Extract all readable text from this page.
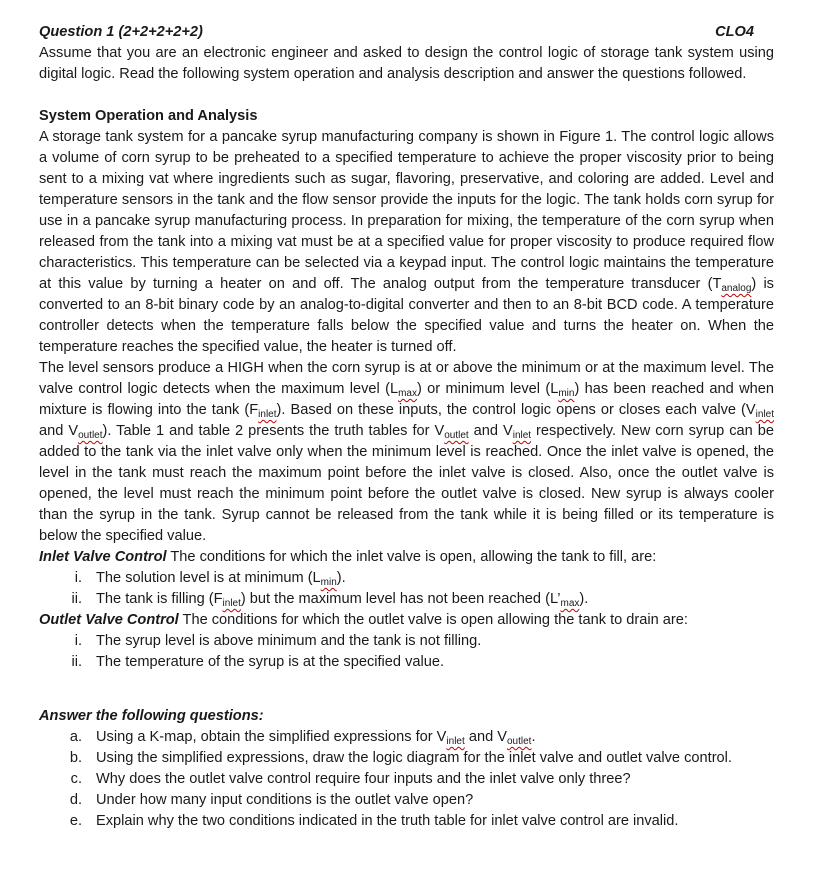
Question 1 (2+2+2+2+2)	CLO4

Assume that you are an electronic engineer and asked to design the control logic of storage tank system using digital logic. Read the following system operation and analysis description and answer the questions followed.

System Operation and Analysis

A storage tank system for a pancake syrup manufacturing company is shown in Figure 1. The control logic allows a volume of corn syrup to be preheated to a specified temperature to achieve the proper viscosity prior to being sent to a mixing vat where ingredients such as sugar, flavoring, preservative, and coloring are added. Level and temperature sensors in the tank and the flow sensor provide the inputs for the logic. The tank holds corn syrup for use in a pancake syrup manufacturing process. In preparation for mixing, the temperature of the corn syrup when released from the tank into a mixing vat must be at a specified value for proper viscosity to produce required flow characteristics. This temperature can be selected via a keypad input. The control logic maintains the temperature at this value by turning a heater on and off. The analog output from the temperature transducer $(T_{analog})$ is converted to an 8-bit binary code by an analog-to-digital converter and then to an 8-bit BCD code. A temperature controller detects when the temperature falls below the specified value and turns the heater on. When the temperature reaches the specified value, the heater is turned off.

The level sensors produce a HIGH when the corn syrup is at or above the minimum or at the maximum level. The valve control logic detects when the maximum level $(L_{max})$ or minimum level $(L_{min})$ has been reached and when mixture is flowing into the tank $(F_{inlet})$. Based on these inputs, the control logic opens or closes each valve ($V_{inlet}$ and $V_{outlet}$). Table 1 and table 2 presents the truth tables for $V_{outlet}$ and $V_{inlet}$ respectively. New corn syrup can be added to the tank via the inlet valve only when the minimum level is reached. Once the inlet valve is opened, the level in the tank must reach the maximum point before the inlet valve is closed. Also, once the outlet valve is opened, the level must reach the minimum point before the outlet valve is closed. New syrup is always cooler than the syrup in the tank. Syrup cannot be released from the tank while it is being filled or its temperature is below the specified value.

Inlet Valve Control The conditions for which the inlet valve is open, allowing the tank to fill, are:

i. The solution level is at minimum $(L_{min})$.
ii. The tank is filling $(F_{inlet})$ but the maximum level has not been reached $(L’_{max})$.

Outlet Valve Control The conditions for which the outlet valve is open allowing the tank to drain are:

i. The syrup level is above minimum and the tank is not filling.
ii. The temperature of the syrup is at the specified value.

Answer the following questions:

a. Using a K-map, obtain the simplified expressions for $V_{inlet}$ and $V_{outlet}$.
b. Using the simplified expressions, draw the logic diagram for the inlet valve and outlet valve control.
c. Why does the outlet valve control require four inputs and the inlet valve only three?
d. Under how many input conditions is the outlet valve open?
e. Explain why the two conditions indicated in the truth table for inlet valve control are invalid.
